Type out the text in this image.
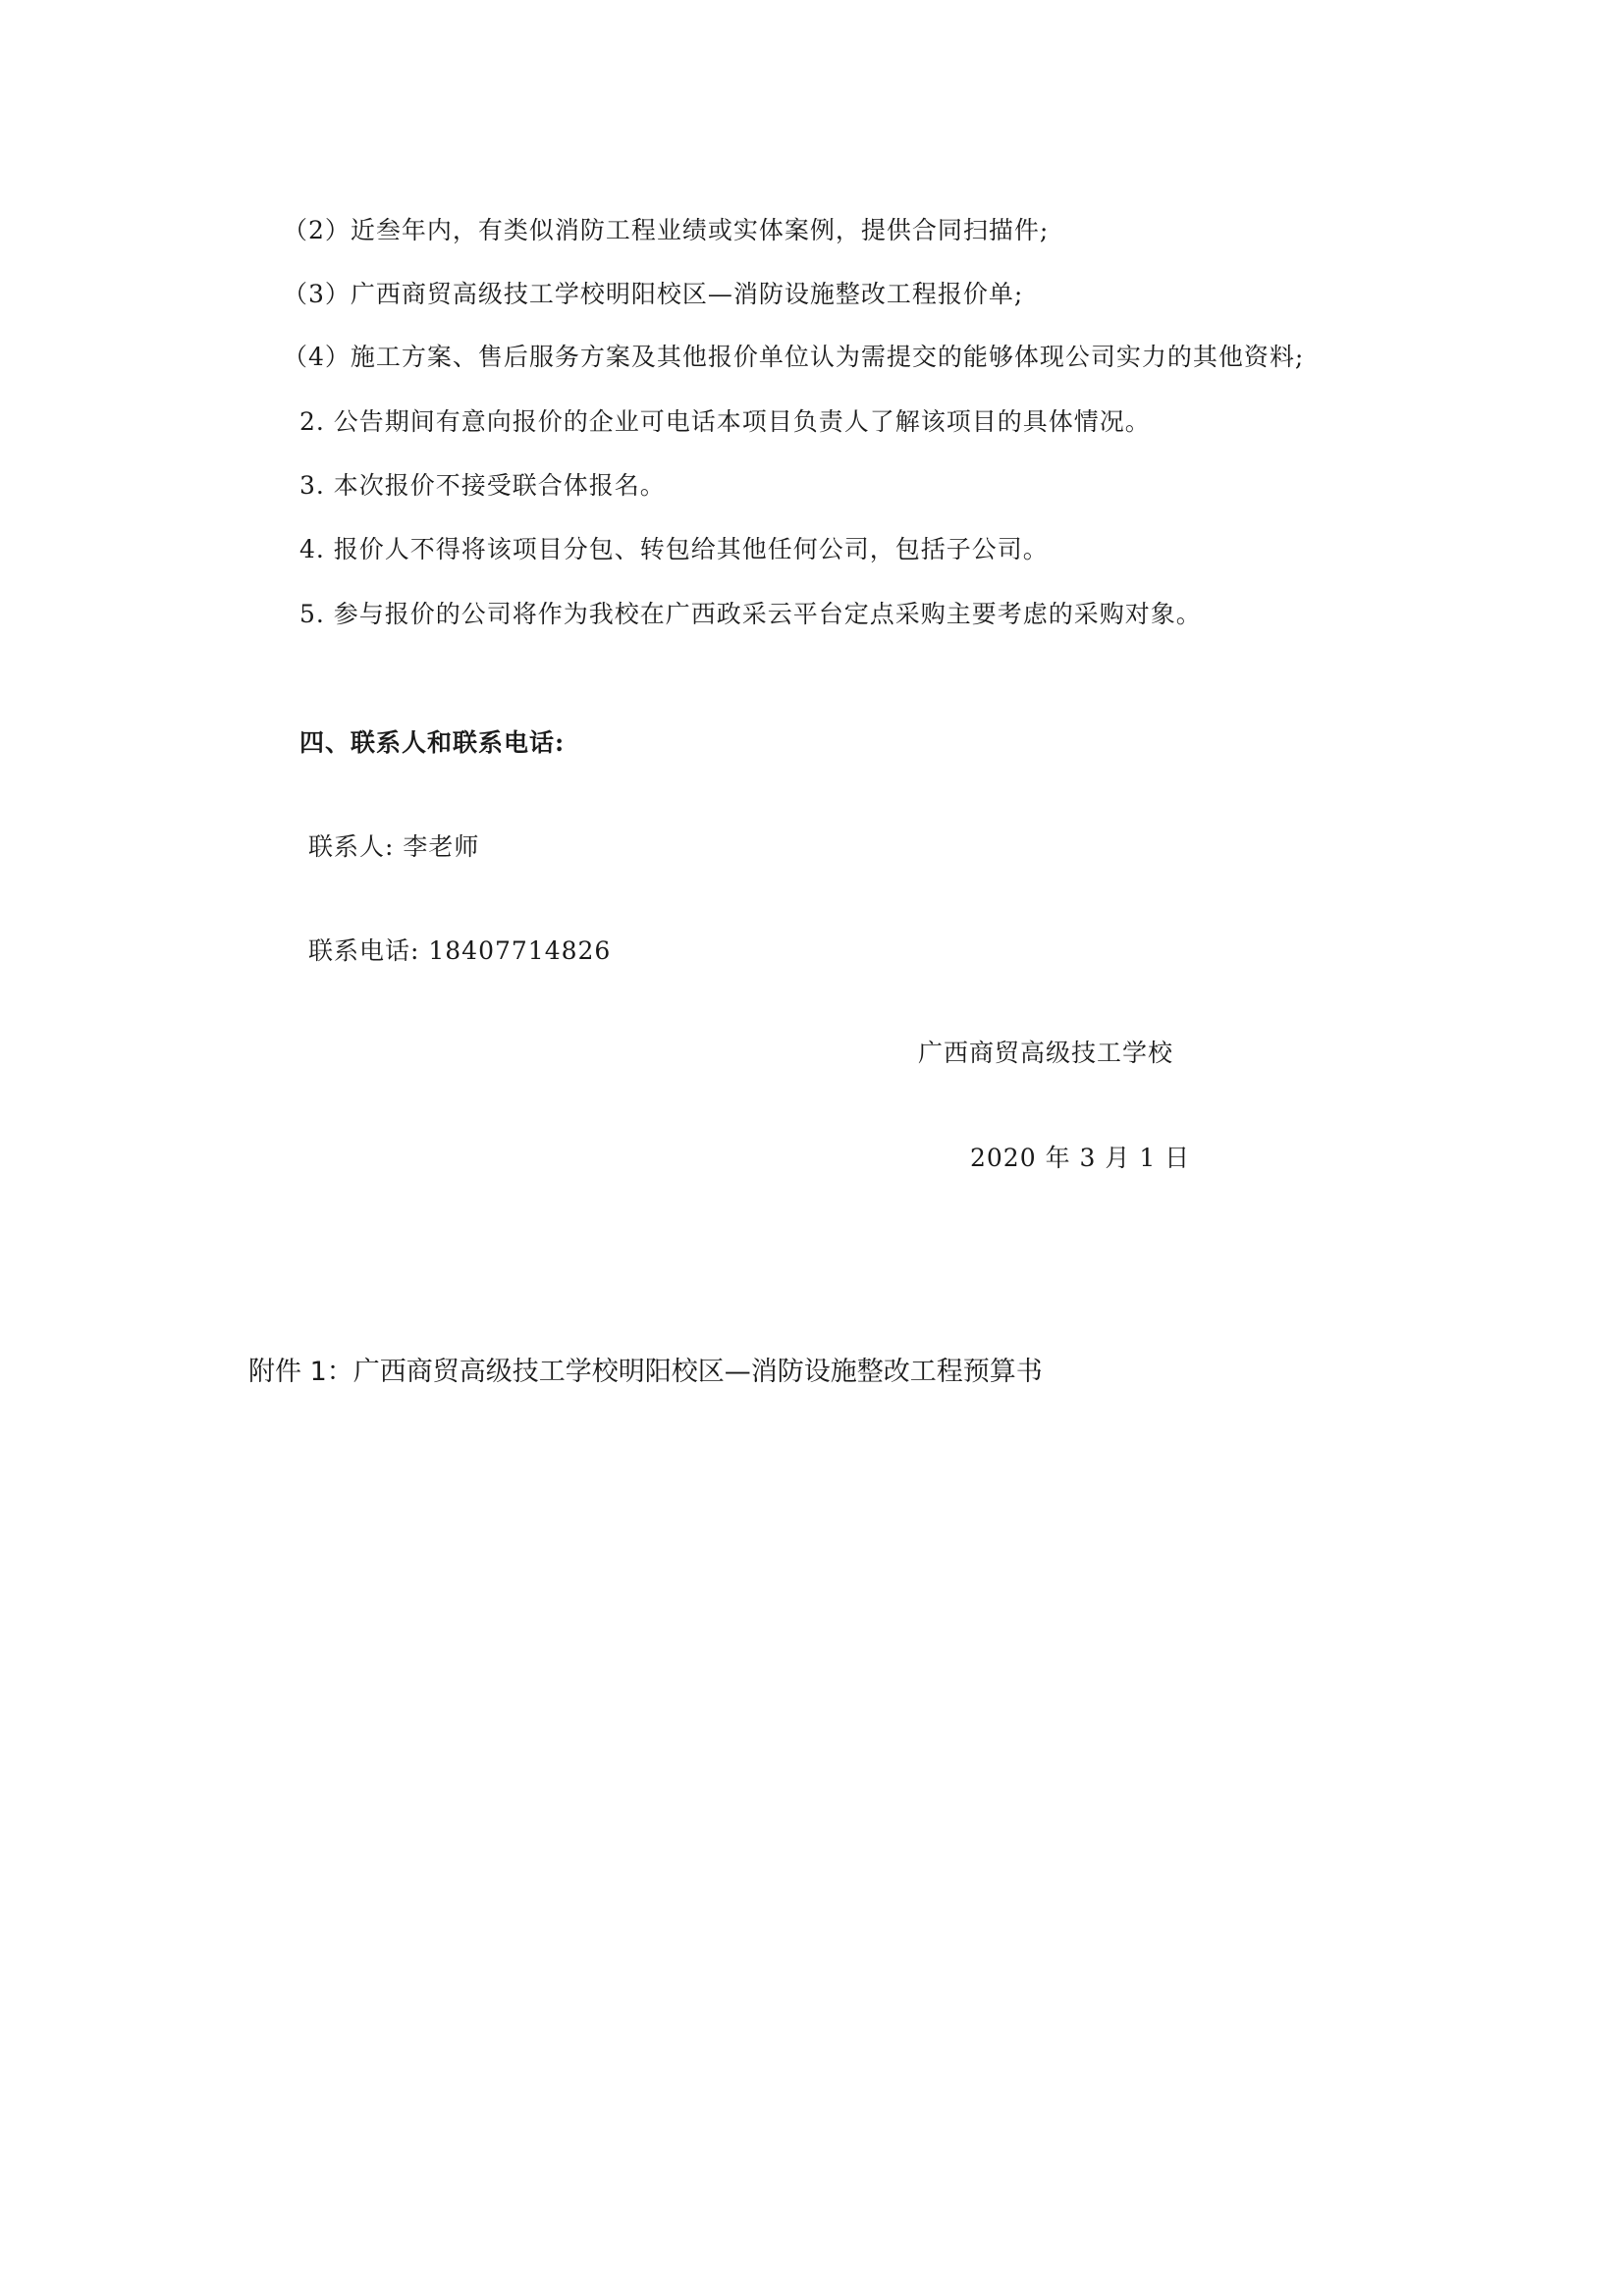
（2）近叁年内，有类似消防工程业绩或实体案例，提供合同扫描件;
（3）广西商贸高级技工学校明阳校区—消防设施整改工程报价单;
（4）施工方案、售后服务方案及其他报价单位认为需提交的能够体现公司实力的其他资料;
2. 公告期间有意向报价的企业可电话本项目负责人了解该项目的具体情况。
3. 本次报价不接受联合体报名。
4. 报价人不得将该项目分包、转包给其他任何公司，包括子公司。
5. 参与报价的公司将作为我校在广西政采云平台定点采购主要考虑的采购对象。
四、联系人和联系电话:
联系人: 李老师
联系电话: 18407714826
广西商贸高级技工学校
2020 年 3 月 1 日
附件 1：广西商贸高级技工学校明阳校区—消防设施整改工程预算书
